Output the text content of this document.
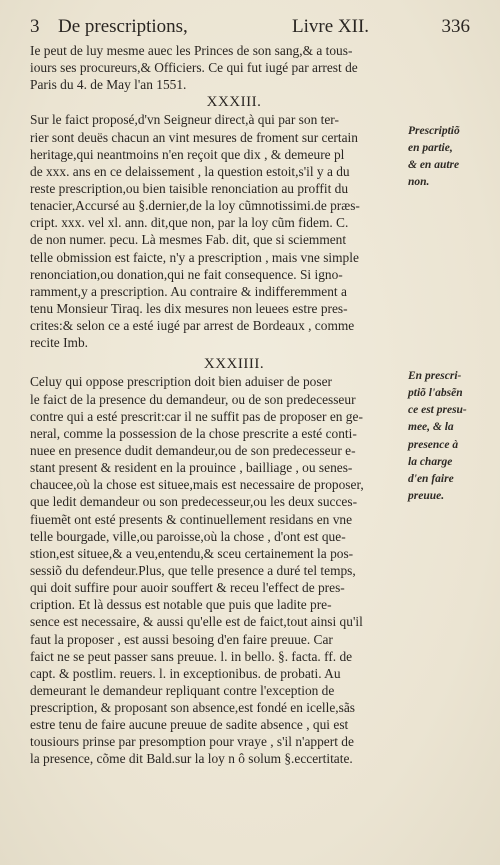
3 De prescriptions,	Livre XII.	336
Ie peut de luy mesme auec les Princes de son sang,& a tous-
iours ses procureurs,& Officiers. Ce qui fut iugé par arrest de
Paris du 4. de May l'an 1551.
XXXIII.
Sur le faict proposé,d'vn Seigneur direct,à qui par son ter-
rier sont deuës chacun an vint mesures de froment sur certain
heritage,qui neantmoins n'en reçoit que dix , & demeure pl
de xxx. ans en ce delaissement , la question estoit,s'il y a du
reste prescription,ou bien taisible renonciation au proffit du
tenacier,Accursé au §.dernier,de la loy cũmnotissimi.de præs-
cript. xxx. vel xl. ann. dit,que non, par la loy cũm fidem. C.
de non numer. pecu. Là mesmes Fab. dit, que si sciemment
telle obmission est faicte, n'y a prescription , mais vne simple
renonciation,ou donation,qui ne fait consequence. Si igno-
ramment,y a prescription. Au contraire & indifferemment a
tenu Monsieur Tiraq. les dix mesures non leuees estre pres-
crites:& selon ce a esté iugé par arrest de Bordeaux , comme
recite Imb.
XXXIIII.
Celuy qui oppose prescription doit bien aduiser de poser
le faict de la presence du demandeur, ou de son predecesseur
contre qui a esté prescrit:car il ne suffit pas de proposer en ge-
neral, comme la possession de la chose prescrite a esté conti-
nuee en presence dudit demandeur,ou de son predecesseur e-
stant present & resident en la prouince , bailliage , ou senes-
chaucee,où la chose est situee,mais est necessaire de proposer,
que ledit demandeur ou son predecesseur,ou les deux succes-
fiuemẽt ont esté presents & continuellement residans en vne
telle bourgade, ville,ou paroisse,où la chose , d'ont est que-
stion,est situee,& a veu,entendu,& sceu certainement la pos-
sessiõ du defendeur.Plus, que telle presence a duré tel temps,
qui doit suffire pour auoir souffert & receu l'effect de pres-
cription. Et là dessus est notable que puis que ladite pre-
sence est necessaire, & aussi qu'elle est de faict,tout ainsi qu'il
faut la proposer , est aussi besoing d'en faire preuue. Car
faict ne se peut passer sans preuue. l. in bello. §. facta. ff. de
capt. & postlim. reuers. l. in exceptionibus. de probati. Au
demeurant le demandeur repliquant contre l'exception de
prescription, & proposant son absence,est fondé en icelle,sãs
estre tenu de faire aucune preuue de sadite absence , qui est
tousiours prinse par presomption pour vraye , s'il n'appert de
la presence, cõme dit Bald.sur la loy n ô solum §.eccertitate.
Prescriptiõ
en partie,
& en autre
non.
En prescri-
ptiõ l'absẽn
ce est presu-
mee, & la
presence à
la charge
d'en faire
preuue.
